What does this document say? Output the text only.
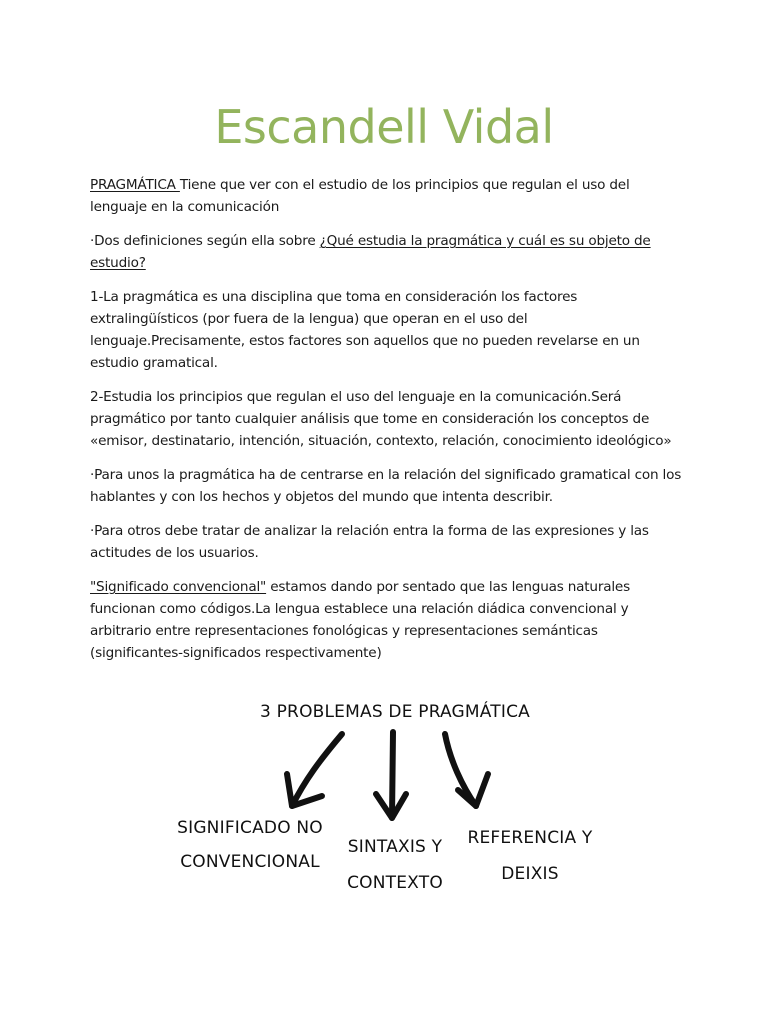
Escandell Vidal

PRAGMÁTICA Tiene que ver con el estudio de los principios que regulan el uso del lenguaje en la comunicación

·Dos definiciones según ella sobre ¿Qué estudia la pragmática y cuál es su objeto de estudio?

1-La pragmática es una disciplina que toma en consideración los factores extralingüísticos (por fuera de la lengua) que operan en el uso del lenguaje.Precisamente, estos factores son aquellos que no pueden revelarse en un estudio gramatical.

2-Estudia los principios que regulan el uso del lenguaje en la comunicación.Será pragmático por tanto cualquier análisis que tome en consideración los conceptos de «emisor, destinatario, intención, situación, contexto, relación, conocimiento ideológico»

·Para unos la pragmática ha de centrarse en la relación del significado gramatical con los hablantes y con los hechos y objetos del mundo que intenta describir.

·Para otros debe tratar de analizar la relación entra la forma de las expresiones y las actitudes de los usuarios.

"Significado convencional" estamos dando por sentado que las lenguas naturales funcionan como códigos.La lengua establece una relación diádica convencional y arbitrario entre representaciones fonológicas y representaciones semánticas (significantes-significados respectivamente)

3 PROBLEMAS DE PRAGMÁTICA
SIGNIFICADO NO
CONVENCIONAL
SINTAXIS Y
CONTEXTO
REFERENCIA Y
DEIXIS
